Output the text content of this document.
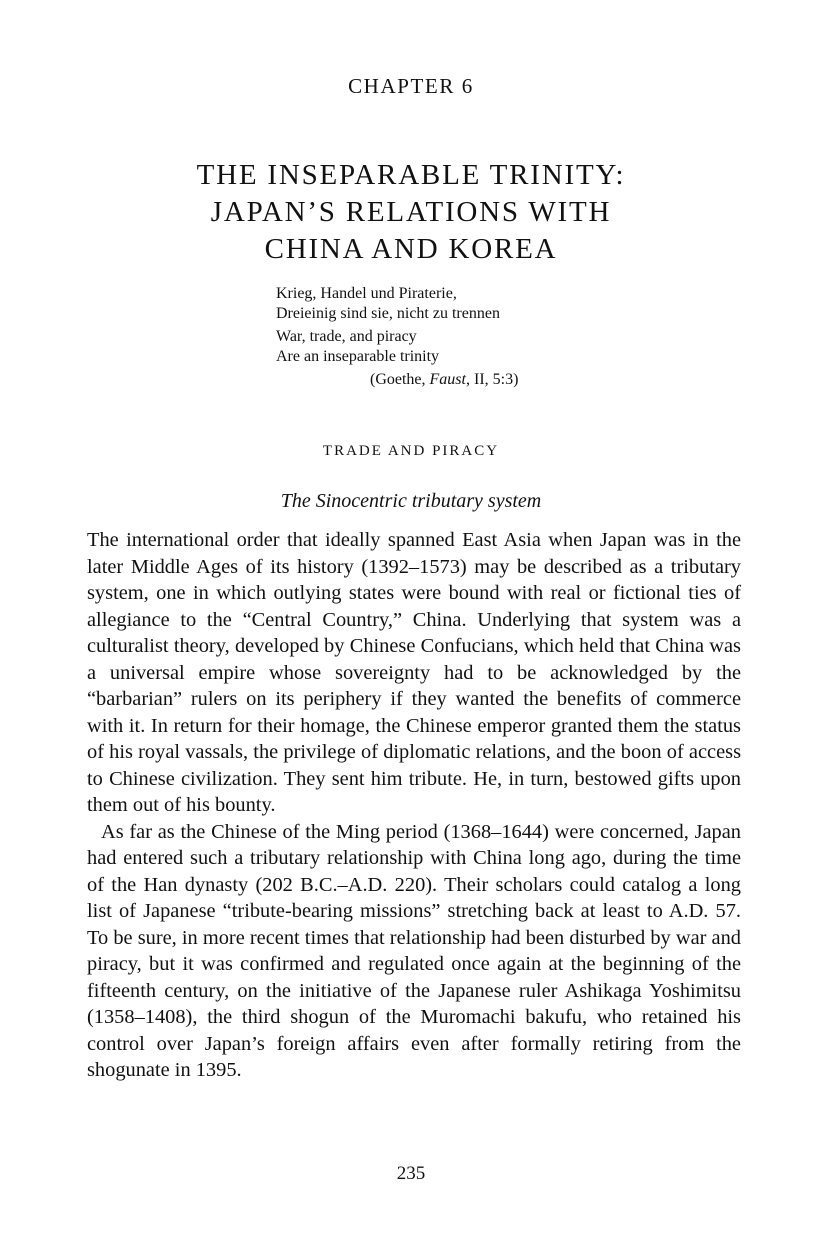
CHAPTER 6
THE INSEPARABLE TRINITY:
JAPAN’S RELATIONS WITH
CHINA AND KOREA
Krieg, Handel und Piraterie,
Dreieinig sind sie, nicht zu trennen
War, trade, and piracy
Are an inseparable trinity
(Goethe, Faust, II, 5:3)
TRADE AND PIRACY
The Sinocentric tributary system

The international order that ideally spanned East Asia when Japan was in the later Middle Ages of its history (1392–1573) may be described as a tributary system, one in which outlying states were bound with real or fictional ties of allegiance to the “Central Country,” China. Underlying that system was a culturalist theory, developed by Chinese Confucians, which held that China was a universal empire whose sovereignty had to be acknowledged by the “barbarian” rulers on its periphery if they wanted the benefits of commerce with it. In return for their homage, the Chinese emperor granted them the status of his royal vassals, the privilege of diplomatic relations, and the boon of access to Chinese civilization. They sent him tribute. He, in turn, bestowed gifts upon them out of his bounty.

As far as the Chinese of the Ming period (1368–1644) were concerned, Japan had entered such a tributary relationship with China long ago, during the time of the Han dynasty (202 B.C.–A.D. 220). Their scholars could catalog a long list of Japanese “tribute-bearing missions” stretching back at least to A.D. 57. To be sure, in more recent times that relationship had been disturbed by war and piracy, but it was confirmed and regulated once again at the beginning of the fifteenth century, on the initiative of the Japanese ruler Ashikaga Yoshimitsu (1358–1408), the third shogun of the Muromachi bakufu, who retained his control over Japan’s foreign affairs even after formally retiring from the shogunate in 1395.

235
